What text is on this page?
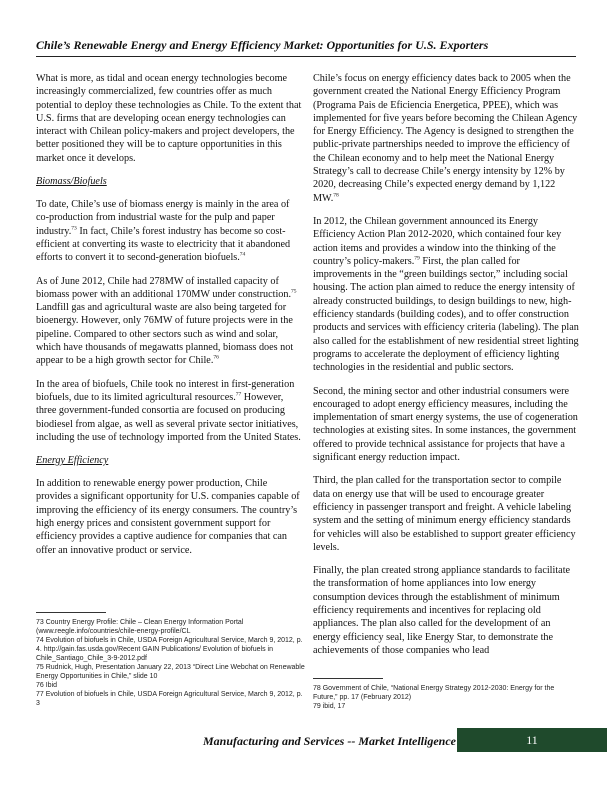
Chile’s Renewable Energy and Energy Efficiency Market: Opportunities for U.S. Exporters

What is more, as tidal and ocean energy technologies become increasingly commercialized, few countries offer as much potential to deploy these technologies as Chile. To the extent that U.S. firms that are developing ocean energy technologies can interact with Chilean policy-makers and project developers, the better positioned they will be to capture opportunities in this market once it develops.

Biomass/Biofuels

To date, Chile’s use of biomass energy is mainly in the area of co-production from industrial waste for the pulp and paper industry.$^{73}$ In fact, Chile’s forest industry has become so cost-efficient at converting its waste to electricity that it abandoned efforts to convert it to second-generation biofuels.$^{74}$

As of June 2012, Chile had 278MW of installed capacity of biomass power with an additional 170MW under construction.$^{75}$ Landfill gas and agricultural waste are also being targeted for bioenergy. However, only 76MW of future projects were in the pipeline. Compared to other sectors such as wind and solar, which have thousands of megawatts planned, biomass does not appear to be a high growth sector for Chile.$^{76}$

In the area of biofuels, Chile took no interest in first-generation biofuels, due to its limited agricultural resources.$^{77}$ However, three government-funded consortia are focused on producing biodiesel from algae, as well as several private sector initiatives, including the use of technology imported from the United States.

Energy Efficiency

In addition to renewable energy power production, Chile provides a significant opportunity for U.S. companies capable of improving the efficiency of its energy consumers. The country’s high energy prices and consistent government support for efficiency provides a captive audience for companies that can offer an innovative product or service.

Chile’s focus on energy efficiency dates back to 2005 when the government created the National Energy Efficiency Program (Programa Pais de Eficiencia Energetica, PPEE), which was implemented for five years before becoming the Chilean Agency for Energy Efficiency. The Agency is designed to strengthen the public-private partnerships needed to improve the efficiency of the Chilean economy and to help meet the National Energy Strategy’s call to decrease Chile’s energy intensity by 12% by 2020, decreasing Chile’s expected energy demand by 1,122 MW.$^{78}$

In 2012, the Chilean government announced its Energy Efficiency Action Plan 2012-2020, which contained four key action items and provides a window into the thinking of the country’s policy-makers.$^{79}$ First, the plan called for improvements in the “green buildings sector,” including social housing. The action plan aimed to reduce the energy intensity of already constructed buildings, to design buildings to new, high-efficiency standards (building codes), and to offer construction products and services with efficiency criteria (labeling). The plan also called for the establishment of new residential street lighting programs to accelerate the deployment of efficiency lighting technologies in the residential and public sectors.

Second, the mining sector and other industrial consumers were encouraged to adopt energy efficiency measures, including the implementation of smart energy systems, the use of cogeneration technologies at existing sites. In some instances, the government offered to provide technical assistance for projects that have a significant energy reduction impact.

Third, the plan called for the transportation sector to compile data on energy use that will be used to encourage greater efficiency in passenger transport and freight. A vehicle labeling system and the setting of minimum energy efficiency standards for vehicles will also be established to support greater efficiency levels.

Finally, the plan created strong appliance standards to facilitate the transformation of home appliances into low energy consumption devices through the establishment of minimum efficiency requirements and incentives for replacing old appliances. The plan also called for the development of an energy efficiency seal, like Energy Star, to demonstrate the achievements of those companies who lead

73 Country Energy Profile: Chile – Clean Energy Information Portal (www.reegle.info/countries/chile-energy-profile/CL
74 Evolution of biofuels in Chile, USDA Foreign Agricultural Service, March 9, 2012, p. 4. http://gain.fas.usda.gov/Recent GAIN Publications/ Evolution of biofuels in Chile_Santiago_Chile_3-9-2012.pdf
75 Rudnick, Hugh, Presentation January 22, 2013 “Direct Line Webchat on Renewable Energy Opportunities in Chile,” slide 10
76 Ibid
77 Evolution of biofuels in Chile, USDA Foreign Agricultural Service, March 9, 2012, p. 3
78 Government of Chile, “National Energy Strategy 2012-2030: Energy for the Future,” pp. 17 (February 2012)
79 ibid, 17
Manufacturing and Services -- Market Intelligence	11
